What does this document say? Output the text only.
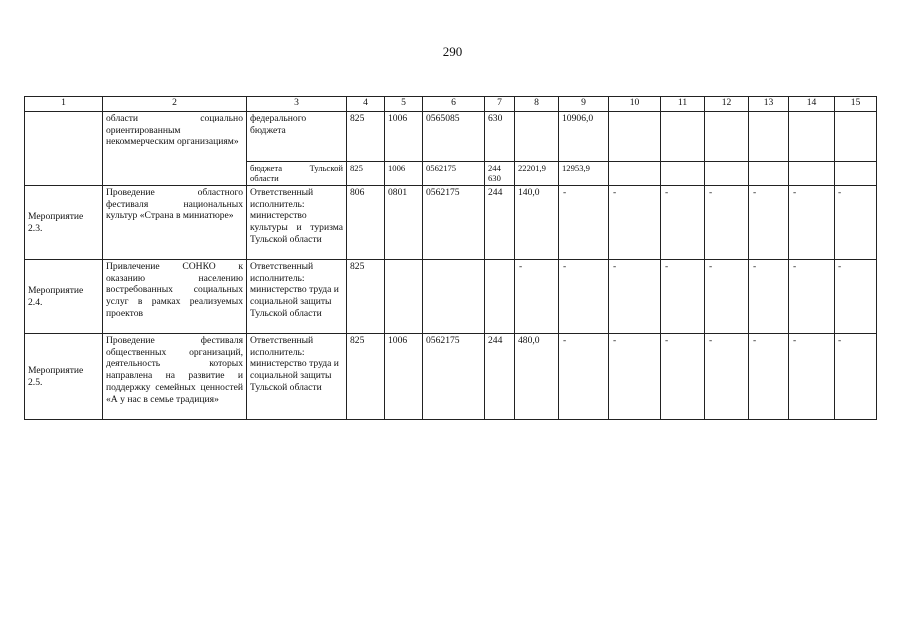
290
1	2	3	4	5	6	7	8	9	10	11	12	13	14	15
	области социально ориентированным некоммерческим организациям»	федерального бюджета	825	1006	0565085	630		10906,0						
		бюджета Тульской области	825	1006	0562175	244 630	22201,9	12953,9						
Мероприятие 2.3.	Проведение областного фестиваля национальных культур «Страна в миниатюре»	Ответственный исполнитель: министерство культуры и туризма Тульской области	806	0801	0562175	244	140,0	-	-	-	-	-	-	-
Мероприятие 2.4.	Привлечение СОНКО к оказанию населению востребованных социальных услуг в рамках реализуемых проектов	Ответственный исполнитель: министерство труда и социальной защиты Тульской области	825				-	-	-	-	-	-	-	-
Мероприятие 2.5.	Проведение фестиваля общественных организаций, деятельность которых направлена на развитие и поддержку семейных ценностей «А у нас в семье традиция»	Ответственный исполнитель: министерство труда и социальной защиты Тульской области	825	1006	0562175	244	480,0	-	-	-	-	-	-	-
